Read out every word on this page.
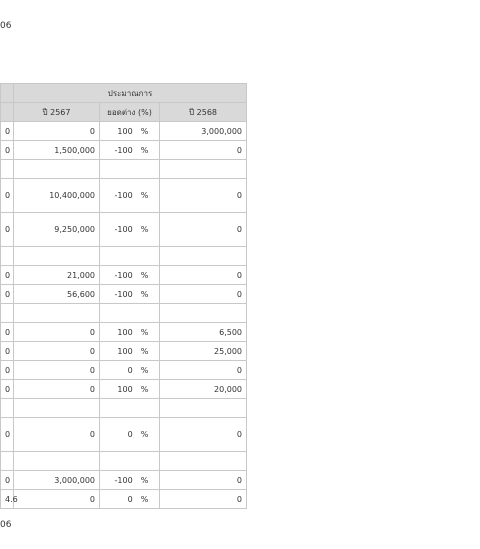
06
	ประมาณการ		
	ปี 2567	ยอดต่าง (%)	ปี 2568
0	0	100 %	3,000,000
0	1,500,000	-100 %	0

0	10,400,000	-100 %	0
0	9,250,000	-100 %	0

0	21,000	-100 %	0
0	56,600	-100 %	0

0	0	100 %	6,500
0	0	100 %	25,000
0	0	0 %	0
0	0	100 %	20,000

0	0	0 %	0

0	3,000,000	-100 %	0
4.6	0	0 %	0
06
